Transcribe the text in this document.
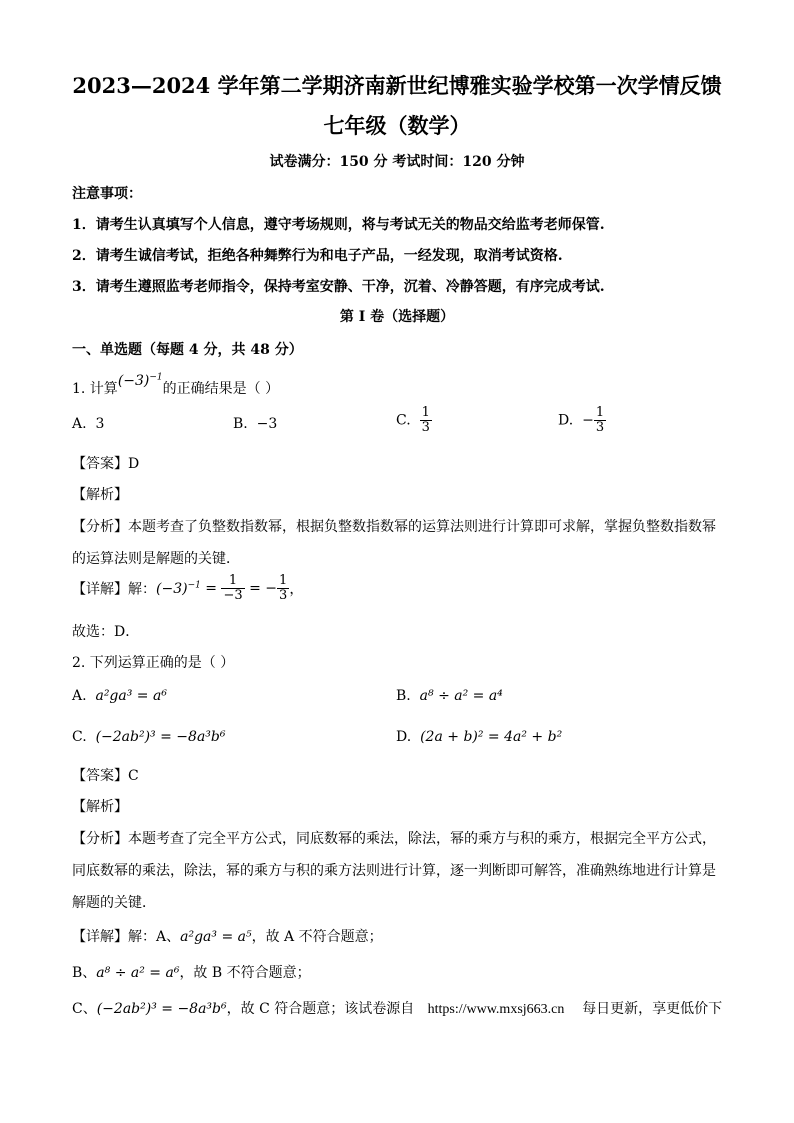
2023—2024 学年第二学期济南新世纪博雅实验学校第一次学情反馈
七年级（数学）
试卷满分：150 分 考试时间：120 分钟
注意事项：
1．请考生认真填写个人信息，遵守考场规则，将与考试无关的物品交给监考老师保管.
2．请考生诚信考试，拒绝各种舞弊行为和电子产品，一经发现，取消考试资格.
3．请考生遵照监考老师指令，保持考室安静、干净，沉着、冷静答题，有序完成考试.
第 I 卷（选择题）
一、单选题（每题 4 分，共 48 分）
1. 计算$(-3)^{-1}$的正确结果是（ ）
A. 3	B. −3	C. $\frac{1}{3}$	D. − $\frac{1}{3}$
【答案】D
【解析】
【分析】本题考查了负整数指数幂，根据负整数指数幂的运算法则进行计算即可求解，掌握负整数指数幂
的运算法则是解题的关键．
【详解】解：$(-3)^{-1} = \frac{1}{-3}$ = − $\frac{1}{3}$ ，
故选：D．
2. 下列运算正确的是（ ）
A. a²ga³ = a⁶	B. a⁸ ÷ a² = a⁴
C. (−2ab²)³ = −8a³b⁶	D. (2a + b)² = 4a² + b²
【答案】C
【解析】
【分析】本题考查了完全平方公式，同底数幂的乘法，除法，幂的乘方与积的乘方，根据完全平方公式，
同底数幂的乘法，除法，幂的乘方与积的乘方法则进行计算，逐一判断即可解答，准确熟练地进行计算是
解题的关键．
【详解】解：A、a²ga³ = a⁵，故 A 不符合题意；
B、a⁸ ÷ a² = a⁶，故 B 不符合题意；
C、(−2ab²)³ = −8a³b⁶，故 C 符合题意；该试卷源自 https://www.mxsj663.cn 每日更新，享更低价下
